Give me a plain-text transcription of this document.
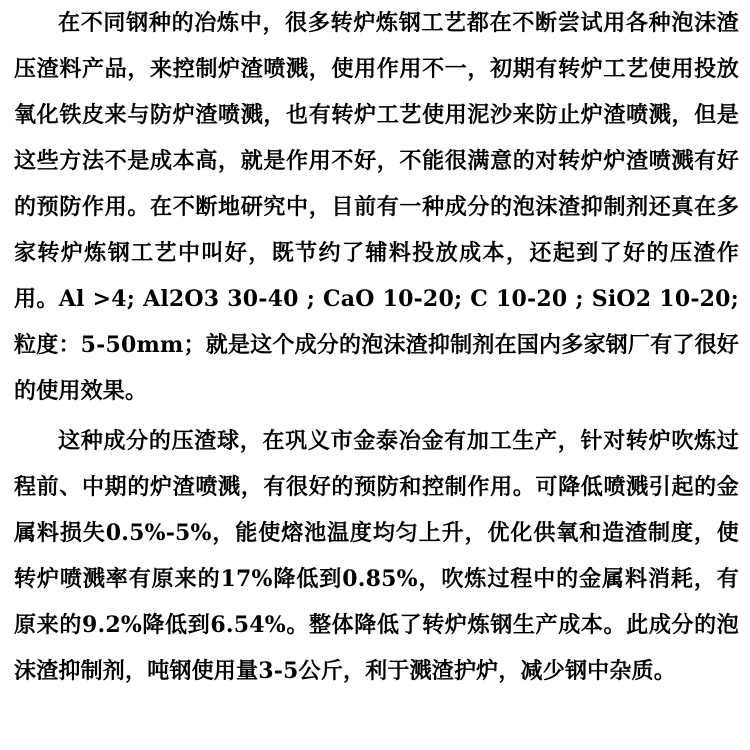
在不同钢种的冶炼中，很多转炉炼钢工艺都在不断尝试用各种泡沫渣压渣料产品，来控制炉渣喷溅，使用作用不一，初期有转炉工艺使用投放氧化铁皮来与防炉渣喷溅，也有转炉工艺使用泥沙来防止炉渣喷溅，但是这些方法不是成本高，就是作用不好，不能很满意的对转炉炉渣喷溅有好的预防作用。在不断地研究中，目前有一种成分的泡沫渣抑制剂还真在多家转炉炼钢工艺中叫好，既节约了辅料投放成本，还起到了好的压渣作用。Al >4; Al2O3 30-40 ; CaO 10-20; C 10-20 ; SiO2 10-20;粒度：5-50mm；就是这个成分的泡沫渣抑制剂在国内多家钢厂有了很好的使用效果。

这种成分的压渣球，在巩义市金泰冶金有加工生产，针对转炉吹炼过程前、中期的炉渣喷溅，有很好的预防和控制作用。可降低喷溅引起的金属料损失0.5%-5%，能使熔池温度均匀上升，优化供氧和造渣制度，使转炉喷溅率有原来的17%降低到0.85%，吹炼过程中的金属料消耗，有原来的9.2%降低到6.54%。整体降低了转炉炼钢生产成本。此成分的泡沫渣抑制剂，吨钢使用量3-5公斤，利于溅渣护炉，减少钢中杂质。
